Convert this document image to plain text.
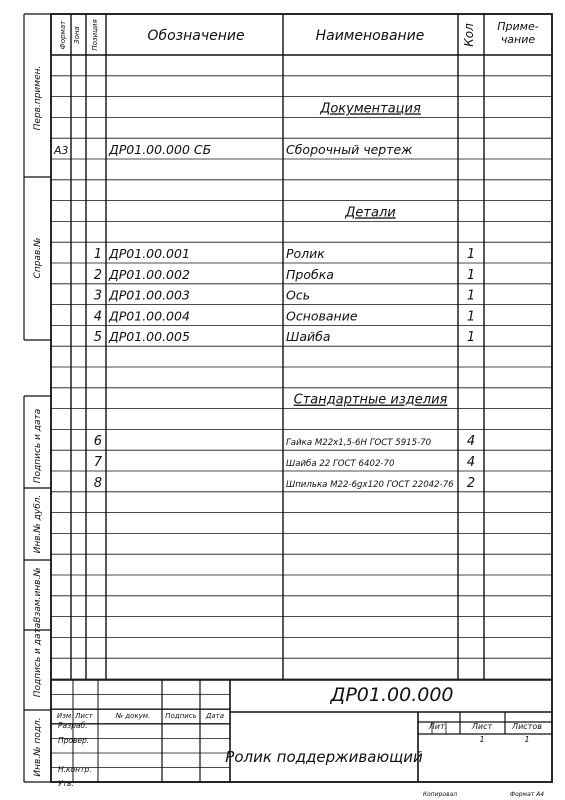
Формат Зона Позиция	Обозначение	Наименование	Кол Приме-чание
Перв.примен.
Справ.№
Подпись и дата
Инв.№ дубл.
Взам.инв.№
Подпись и дата
Инв.№ подл.
Документация
А3	ДР01.00.000 СБ	Сборочный чертеж
Детали
1 ДР01.00.001	Ролик	1
2 ДР01.00.002	Пробка	1
3 ДР01.00.003	Ось	1
4 ДР01.00.004	Основание	1
5 ДР01.00.005	Шайба	1
Стандартные изделия
6	Гайка М22х1,5-6Н ГОСТ 5915-70	4
7	Шайба 22 ГОСТ 6402-70	4
8	Шпилька М22-6gx120 ГОСТ 22042-76 2
ДР01.00.000
Ролик поддерживающий
Изм Лист	№ докум. Подпись Дата
Разраб.
Провер.
Н.контр.
Утв.
Лит.	Лист Листов
1	1
Копировал	Формат А4
